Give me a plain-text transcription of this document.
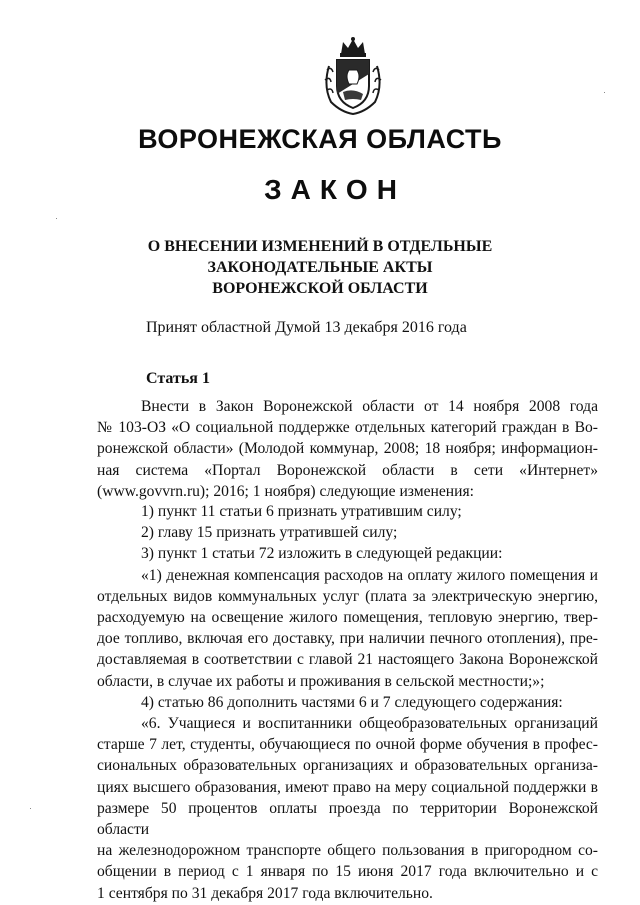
ВОРОНЕЖСКАЯ ОБЛАСТЬ
ЗАКОН
О ВНЕСЕНИИ ИЗМЕНЕНИЙ В ОТДЕЛЬНЫЕ
ЗАКОНОДАТЕЛЬНЫЕ АКТЫ
ВОРОНЕЖСКОЙ ОБЛАСТИ
Принят областной Думой 13 декабря 2016 года
Статья 1
Внести в Закон Воронежской области от 14 ноября 2008 года
№ 103-ОЗ «О социальной поддержке отдельных категорий граждан в Во-
ронежской области» (Молодой коммунар, 2008; 18 ноября; информацион-
ная система «Портал Воронежской области в сети «Интернет»
(www.govvrn.ru); 2016; 1 ноября) следующие изменения:
1) пункт 11 статьи 6 признать утратившим силу;
2) главу 15 признать утратившей силу;
3) пункт 1 статьи 72 изложить в следующей редакции:
«1) денежная компенсация расходов на оплату жилого помещения и
отдельных видов коммунальных услуг (плата за электрическую энергию,
расходуемую на освещение жилого помещения, тепловую энергию, твер-
дое топливо, включая его доставку, при наличии печного отопления), пре-
доставляемая в соответствии с главой 21 настоящего Закона Воронежской
области, в случае их работы и проживания в сельской местности;»;
4) статью 86 дополнить частями 6 и 7 следующего содержания:
«6. Учащиеся и воспитанники общеобразовательных организаций
старше 7 лет, студенты, обучающиеся по очной форме обучения в профес-
сиональных образовательных организациях и образовательных организа-
циях высшего образования, имеют право на меру социальной поддержки в
размере 50 процентов оплаты проезда по территории Воронежской области
на железнодорожном транспорте общего пользования в пригородном со-
общении в период с 1 января по 15 июня 2017 года включительно и с
1 сентября по 31 декабря 2017 года включительно.
